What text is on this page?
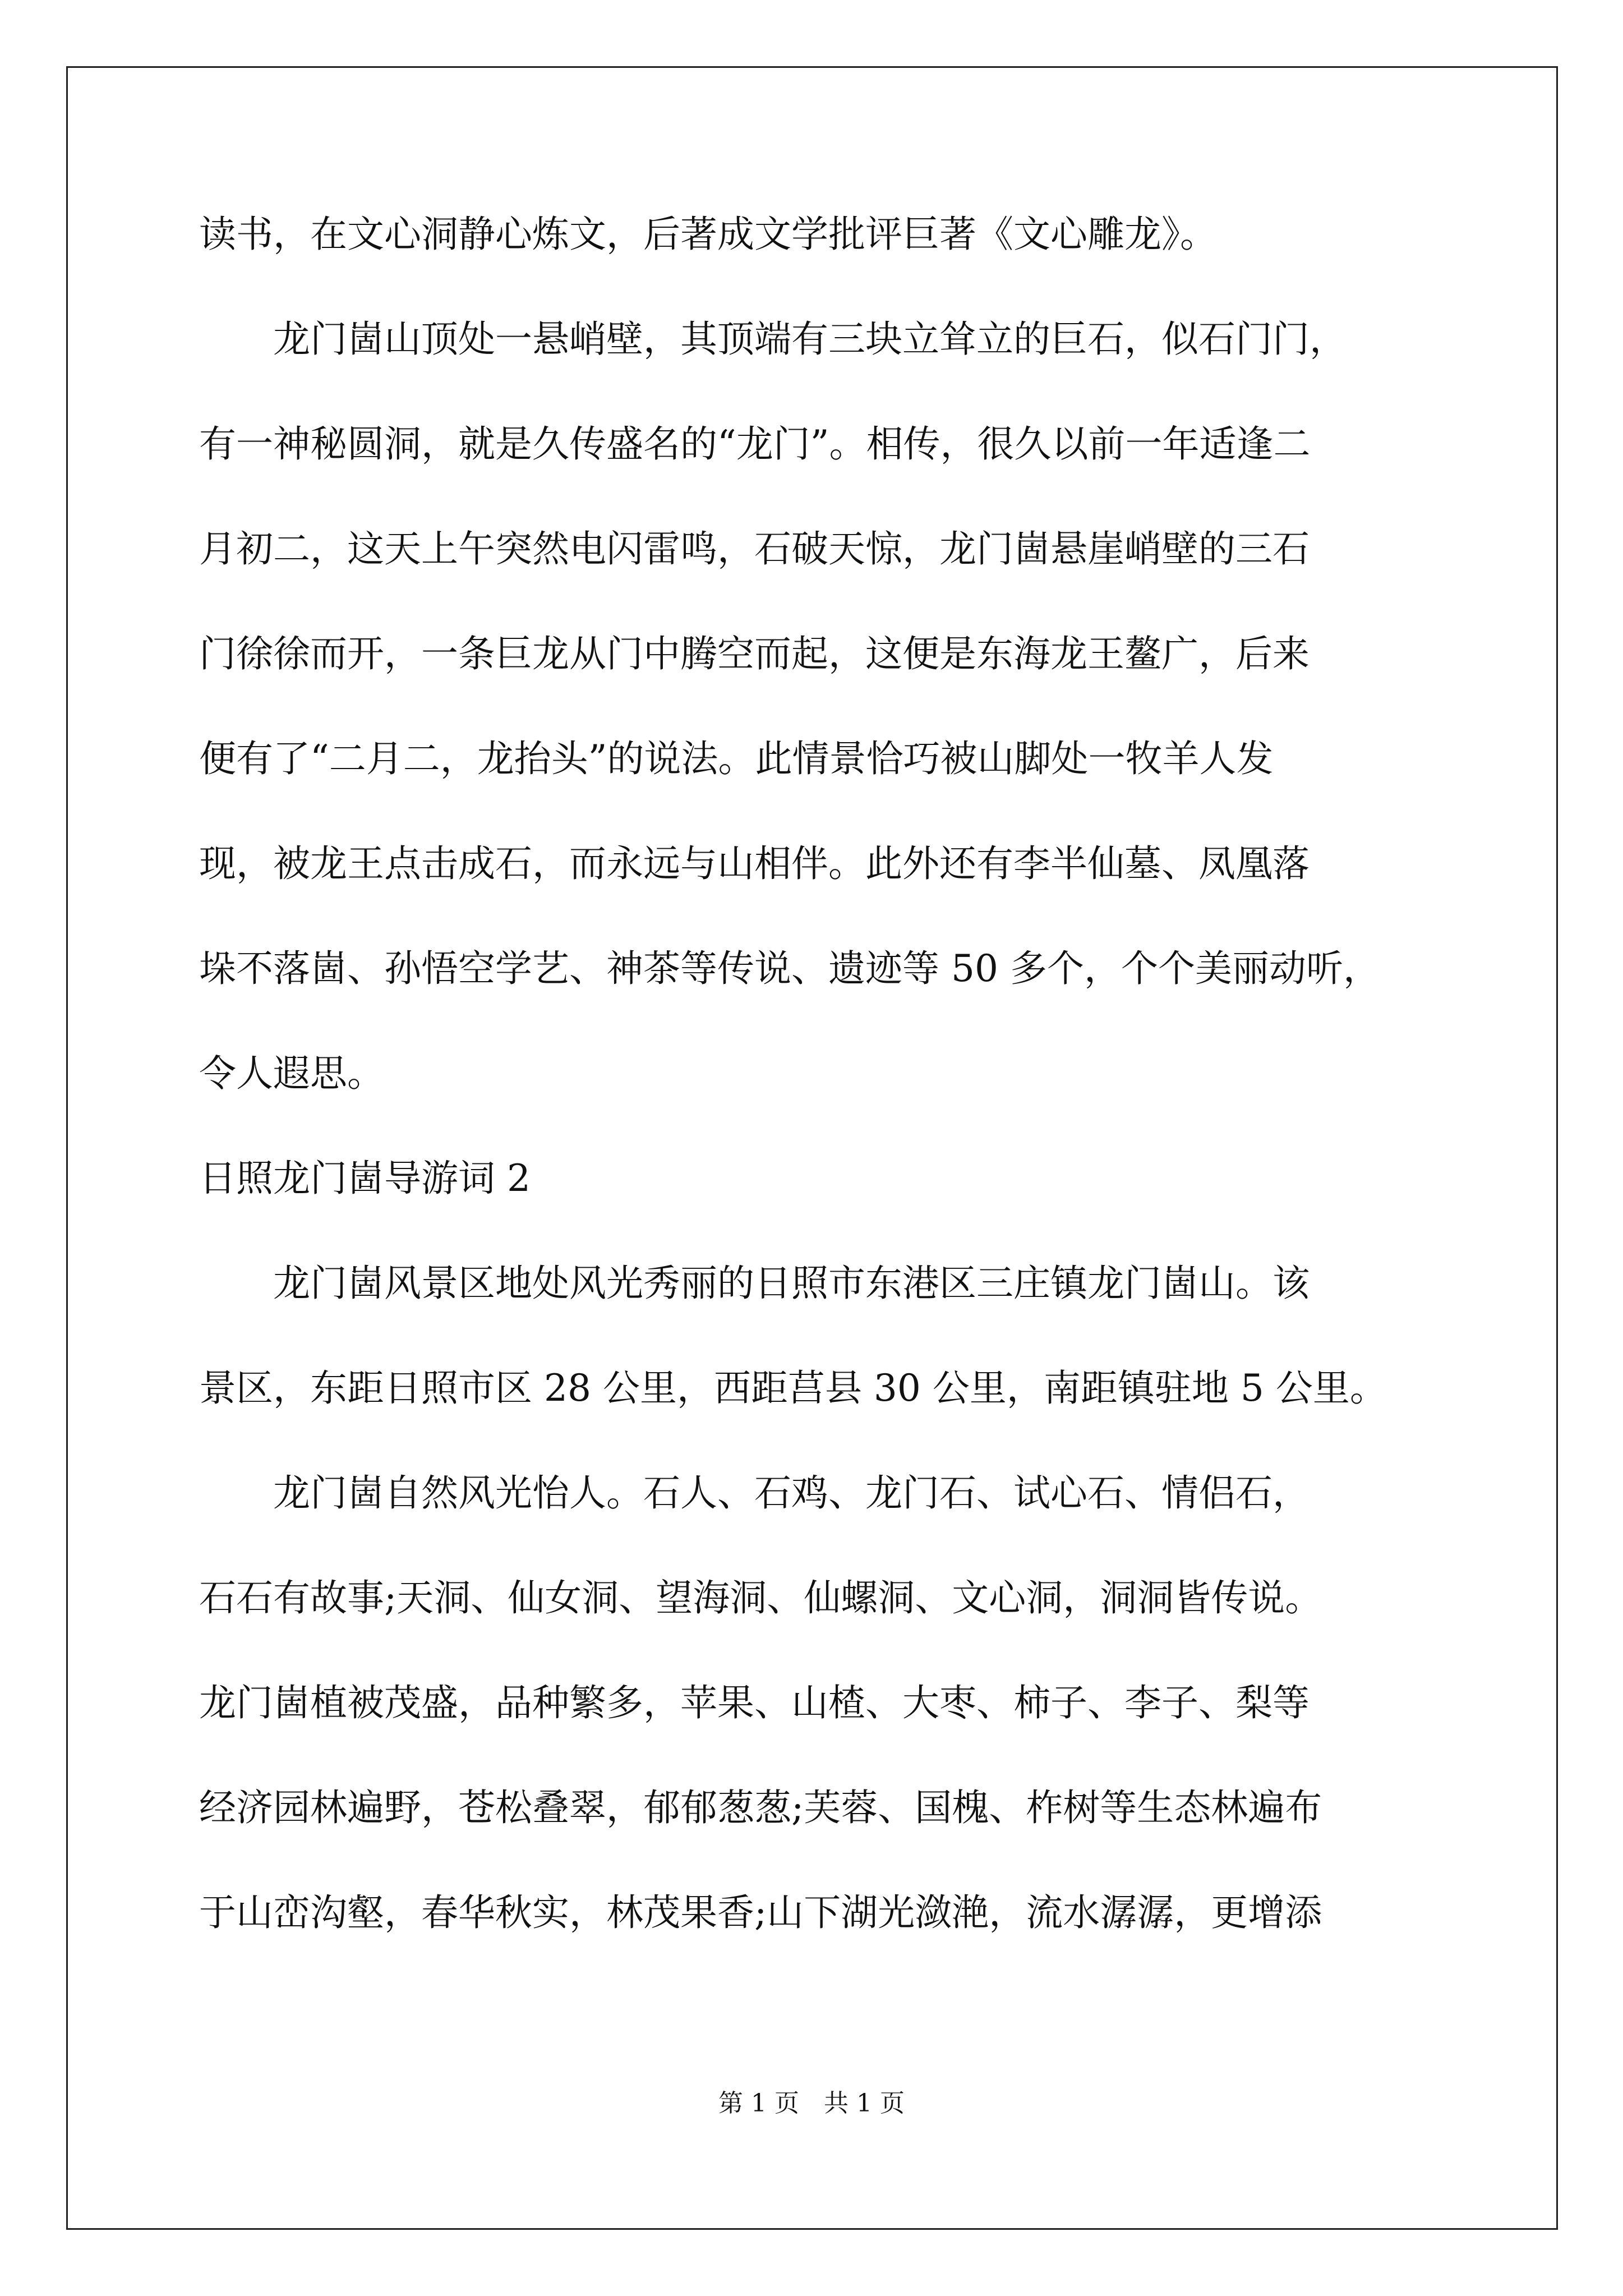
读书，在文心洞静心炼文，后著成文学批评巨著《文心雕龙》。
　　龙门崮山顶处一悬峭壁，其顶端有三块立耸立的巨石，似石门门，
有一神秘圆洞，就是久传盛名的“龙门”。相传，很久以前一年适逢二
月初二，这天上午突然电闪雷鸣，石破天惊，龙门崮悬崖峭壁的三石
门徐徐而开，一条巨龙从门中腾空而起，这便是东海龙王鳌广，后来
便有了“二月二，龙抬头”的说法。此情景恰巧被山脚处一牧羊人发
现，被龙王点击成石，而永远与山相伴。此外还有李半仙墓、凤凰落
垛不落崮、孙悟空学艺、神茶等传说、遗迹等 50 多个，个个美丽动听，
令人遐思。
日照龙门崮导游词 2
　　龙门崮风景区地处风光秀丽的日照市东港区三庄镇龙门崮山。该
景区，东距日照市区 28 公里，西距莒县 30 公里，南距镇驻地 5 公里。
　　龙门崮自然风光怡人。石人、石鸡、龙门石、试心石、情侣石，
石石有故事;天洞、仙女洞、望海洞、仙螺洞、文心洞，洞洞皆传说。
龙门崮植被茂盛，品种繁多，苹果、山楂、大枣、柿子、李子、梨等
经济园林遍野，苍松叠翠，郁郁葱葱;芙蓉、国槐、柞树等生态林遍布
于山峦沟壑，春华秋实，林茂果香;山下湖光潋滟，流水潺潺，更增添
第 1 页　共 1 页
